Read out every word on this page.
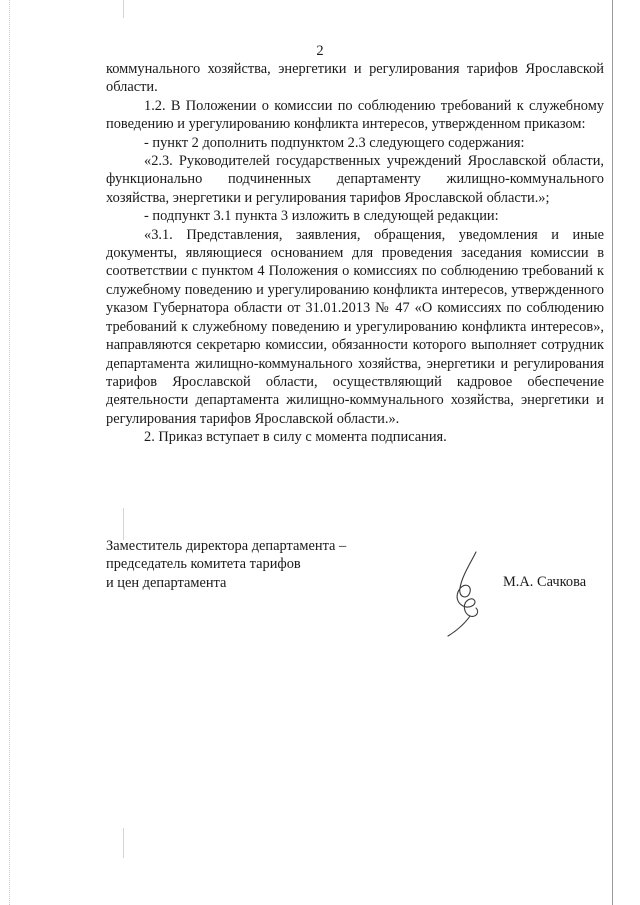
2

коммунального хозяйства, энергетики и регулирования тарифов Ярославской области.

1.2. В Положении о комиссии по соблюдению требований к служебному поведению и урегулированию конфликта интересов, утвержденном приказом:

- пункт 2 дополнить подпунктом 2.3 следующего содержания:

«2.3. Руководителей государственных учреждений Ярославской области, функционально подчиненных департаменту жилищно-коммунального хозяйства, энергетики и регулирования тарифов Ярославской области.»;

- подпункт 3.1 пункта 3 изложить в следующей редакции:

«3.1. Представления, заявления, обращения, уведомления и иные документы, являющиеся основанием для проведения заседания комиссии в соответствии с пунктом 4 Положения о комиссиях по соблюдению требований к служебному поведению и урегулированию конфликта интересов, утвержденного указом Губернатора области от 31.01.2013 № 47 «О комиссиях по соблюдению требований к служебному поведению и урегулированию конфликта интересов», направляются секретарю комиссии, обязанности которого выполняет сотрудник департамента жилищно-коммунального хозяйства, энергетики и регулирования тарифов Ярославской области, осуществляющий кадровое обеспечение деятельности департамента жилищно-коммунального хозяйства, энергетики и регулирования тарифов Ярославской области.».

2. Приказ вступает в силу с момента подписания.

Заместитель директора департамента –

председатель комитета тарифов

и цен департамента	М.А. Сачкова
